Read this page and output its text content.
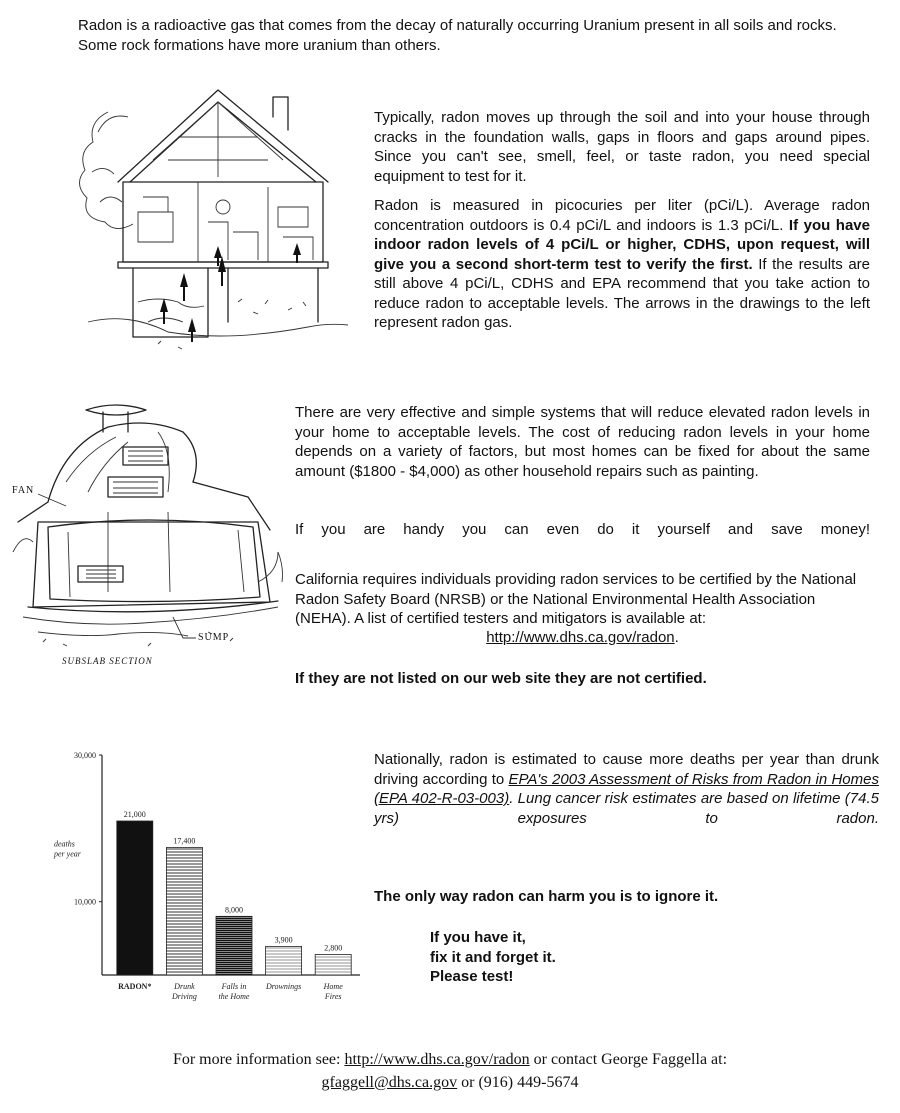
Radon is a radioactive gas that comes from the decay of naturally occurring Uranium present in all soils and rocks. Some rock formations have more uranium than others.

Typically, radon moves up through the soil and into your house through cracks in the foundation walls, gaps in floors and gaps around pipes. Since you can't see, smell, feel, or taste radon, you need special equipment to test for it.

Radon is measured in picocuries per liter (pCi/L). Average radon concentration outdoors is 0.4 pCi/L and indoors is 1.3 pCi/L. If you have indoor radon levels of 4 pCi/L or higher, CDHS, upon request, will give you a second short-term test to verify the first. If the results are still above 4 pCi/L, CDHS and EPA recommend that you take action to reduce radon to acceptable levels. The arrows in the drawings to the left represent radon gas.

FAN
SUMP
SUBSLAB SECTION

There are very effective and simple systems that will reduce elevated radon levels in your home to acceptable levels. The cost of reducing radon levels in your home depends on a variety of factors, but most homes can be fixed for about the same amount ($1800 - $4,000) as other household repairs such as painting.

If you are handy you can even do it yourself and save money!

California requires individuals providing radon services to be certified by the National Radon Safety Board (NRSB) or the National Environmental Health Association (NEHA). A list of certified testers and mitigators is available at:

http://www.dhs.ca.gov/radon.

If they are not listed on our web site they are not certified.

10,000
30,000
deaths
per year
21,000
RADON*
17,400
Drunk
Driving
8,000
Falls in
the Home
3,900
Drownings
2,800
Home
Fires

Nationally, radon is estimated to cause more deaths per year than drunk driving according to EPA's 2003 Assessment of Risks from Radon in Homes (EPA 402-R-03-003). Lung cancer risk estimates are based on lifetime (74.5 yrs) exposures to radon.

The only way radon can harm you is to ignore it.

If you have it,

fix it and forget it.

Please test!

For more information see: http://www.dhs.ca.gov/radon or contact George Faggella at:
gfaggell@dhs.ca.gov or (916) 449-5674
